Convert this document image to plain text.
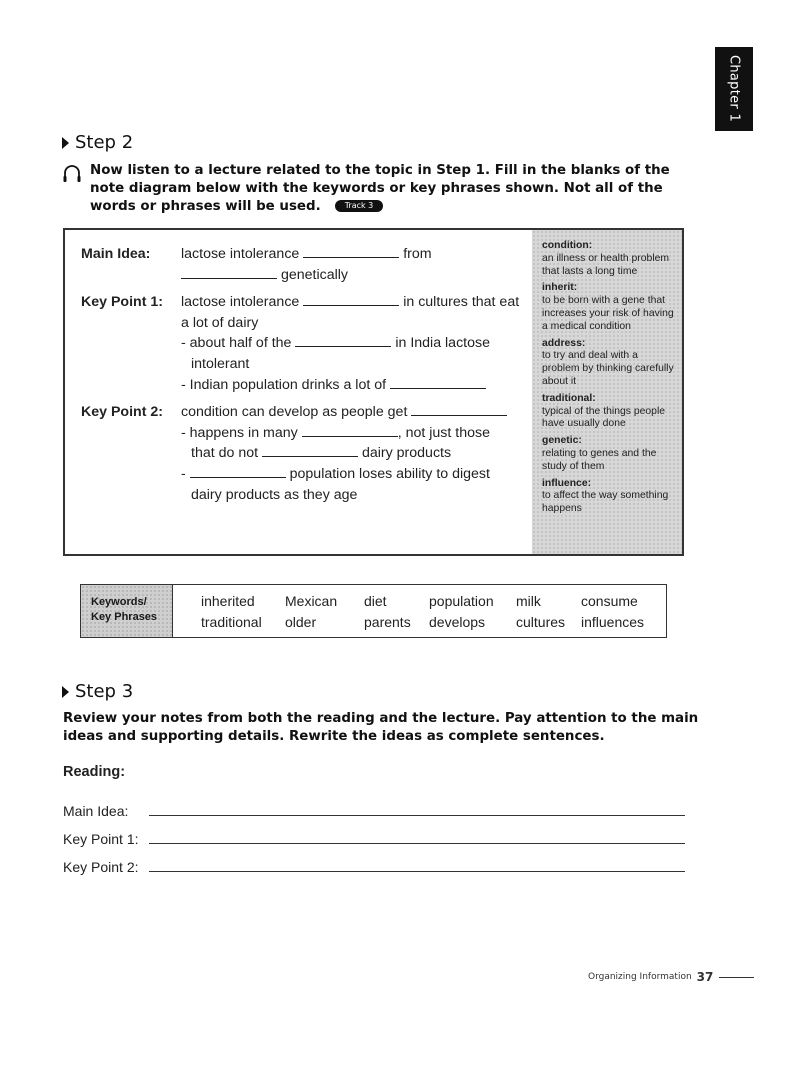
Chapter 1
Step 2
Now listen to a lecture related to the topic in Step 1. Fill in the blanks of the note diagram below with the keywords or key phrases shown. Not all of the words or phrases will be used.	Track 3
Main Idea:	lactose intolerance	from
genetically
Key Point 1:	lactose intolerance	in cultures that eat
a lot of dairy
- about half of the	in India lactose
intolerant
- Indian population drinks a lot of
Key Point 2:	condition can develop as people get
- happens in many	, not just those
that do not	dairy products
-	population loses ability to digest
dairy products as they age
condition:
an illness or health problem that lasts a long time
inherit:
to be born with a gene that increases your risk of having a medical condition
address:
to try and deal with a problem by thinking carefully about it
traditional:
typical of the things people have usually done
genetic:
relating to genes and the study of them
influence:
to affect the way something happens
Keywords/
Key Phrases
inherited	Mexican	diet	population	milk	consume
traditional	older	parents	develops	cultures	influences
Step 3
Review your notes from both the reading and the lecture. Pay attention to the main ideas and supporting details. Rewrite the ideas as complete sentences.
Reading:
Main Idea:
Key Point 1:
Key Point 2:
Organizing Information 37
